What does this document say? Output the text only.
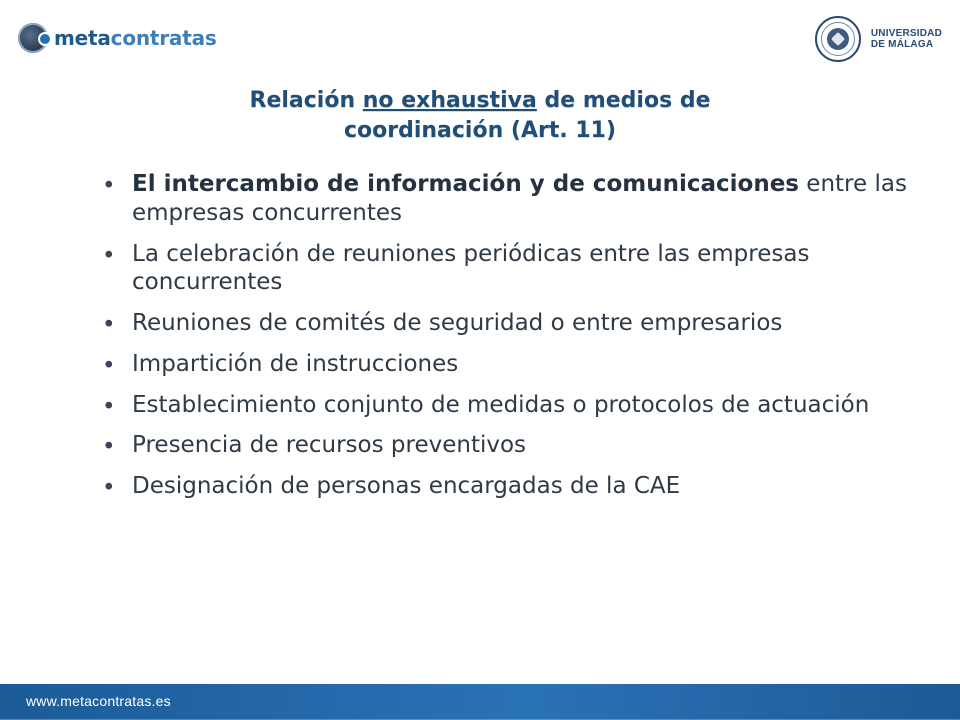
metacontratas	UNIVERSIDAD
DE MÁLAGA
Relación no exhaustiva de medios de
coordinación (Art. 11)
• El intercambio de información y de comunicaciones entre las empresas concurrentes
• La celebración de reuniones periódicas entre las empresas concurrentes
• Reuniones de comités de seguridad o entre empresarios
• Impartición de instrucciones
• Establecimiento conjunto de medidas o protocolos de actuación
• Presencia de recursos preventivos
• Designación de personas encargadas de la CAE
www.metacontratas.es
